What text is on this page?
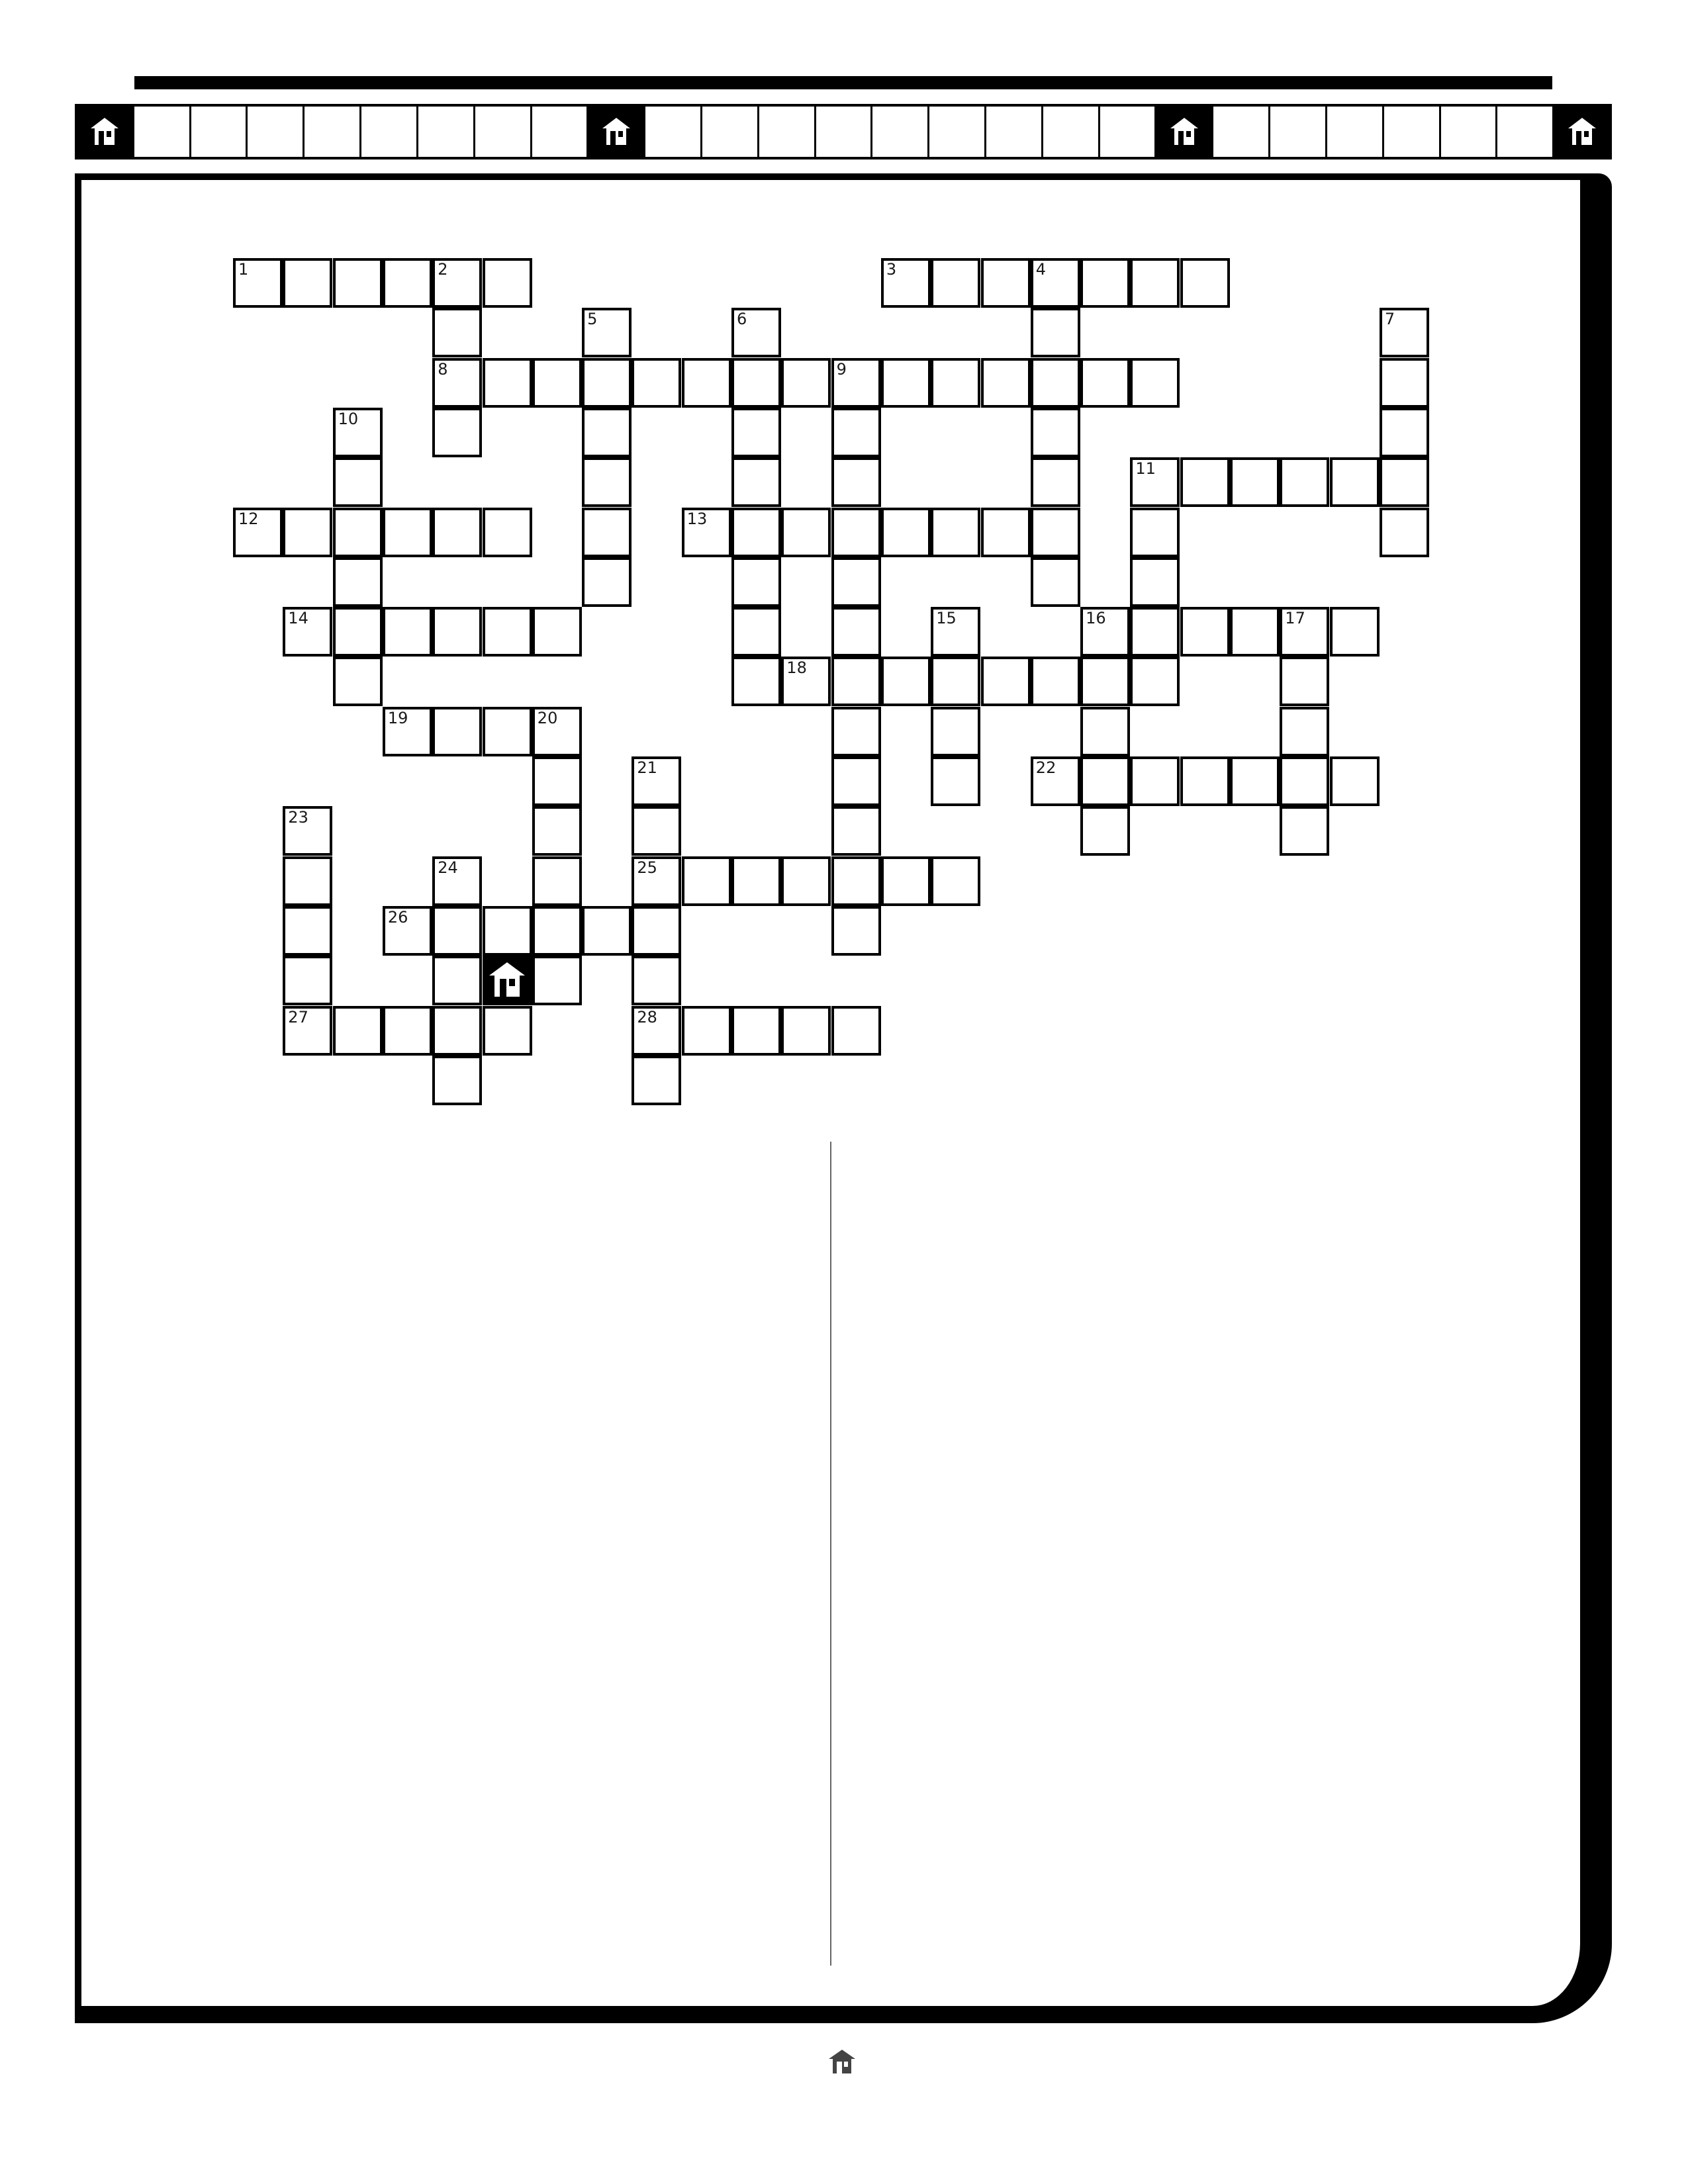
1	2
8
3	4
5	6	7
9
10
11
12	13
14	15	16	17
18
19	20
21
25
28
22
23
27
24
26
